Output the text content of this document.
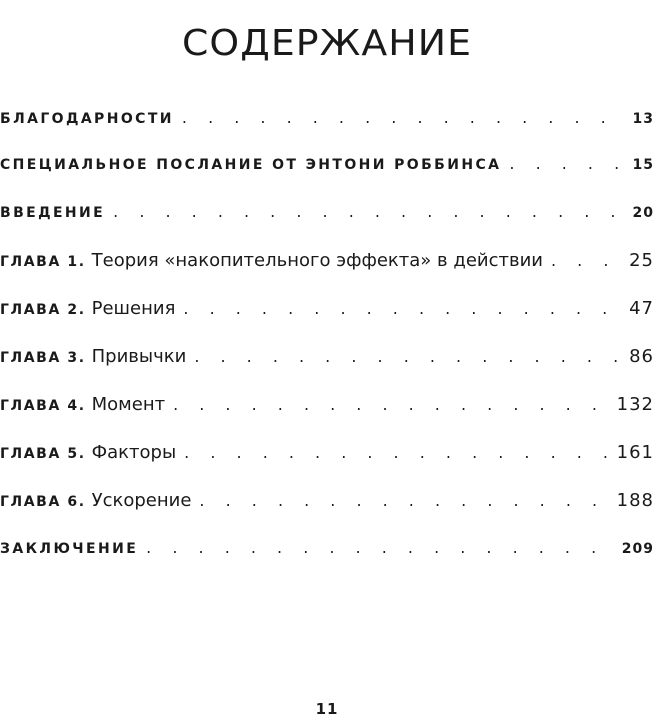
СОДЕРЖАНИЕ
БЛАГОДАРНОСТИ . . .	13
СПЕЦИАЛЬНОЕ ПОСЛАНИЕ ОТ ЭНТОНИ РОББИНСА . . .	15
ВВЕДЕНИЕ . . .	20
ГЛАВА 1. Теория «накопительного эффекта» в действии . . .	25
ГЛАВА 2. Решения . . .	47
ГЛАВА 3. Привычки . . .	86
ГЛАВА 4. Момент . . .	132
ГЛАВА 5. Факторы . . .	161
ГЛАВА 6. Ускорение . . .	188
ЗАКЛЮЧЕНИЕ . . .	209
11
